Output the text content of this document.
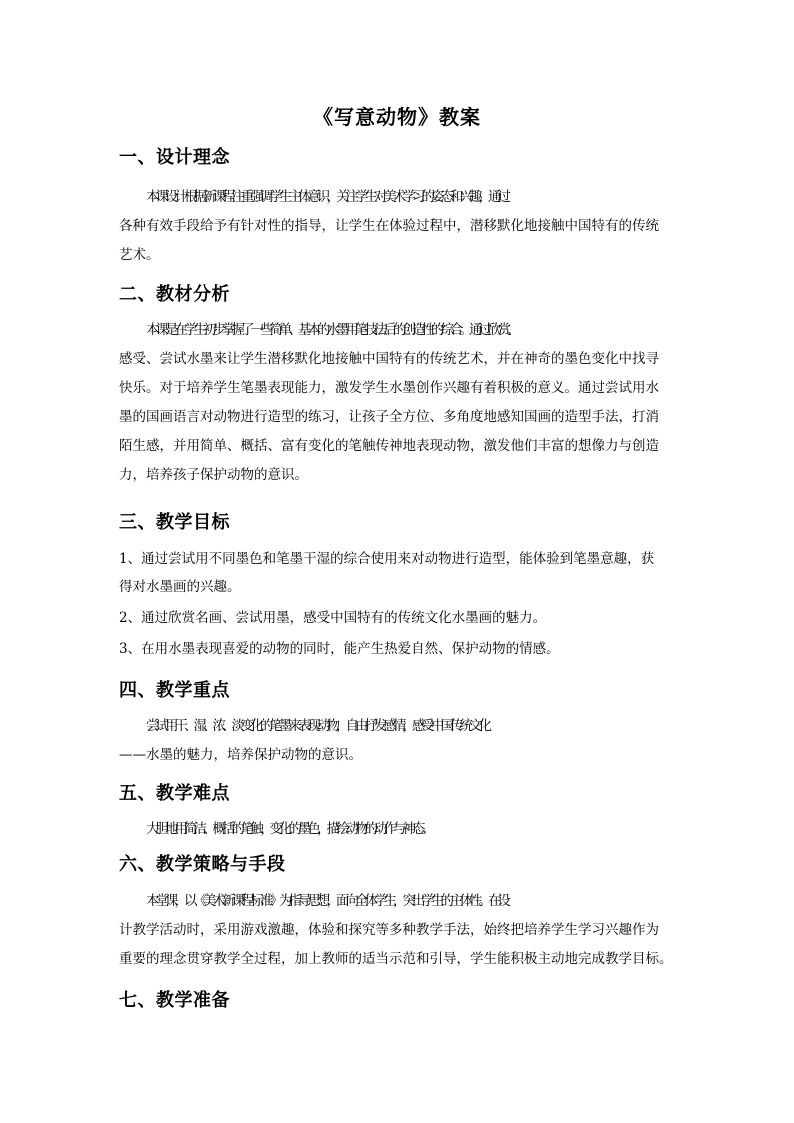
《写意动物》教案
一、设计理念
本课设计根据新课程注重强调学生主体意识，关注学生对美术学习的姿态和兴趣，通过
各种有效手段给予有针对性的指导，让学生在体验过程中，潜移默化地接触中国特有的传统
艺术。
二、教材分析
本课是在学生初步掌握了一些简单、基本的水墨用笔技法后的创造性的综合。通过欣赏、
感受、尝试水墨来让学生潜移默化地接触中国特有的传统艺术，并在神奇的墨色变化中找寻
快乐。对于培养学生笔墨表现能力，激发学生水墨创作兴趣有着积极的意义。通过尝试用水
墨的国画语言对动物进行造型的练习，让孩子全方位、多角度地感知国画的造型手法，打消
陌生感，并用简单、概括、富有变化的笔触传神地表现动物，激发他们丰富的想像力与创造
力，培养孩子保护动物的意识。
三、教学目标
1、通过尝试用不同墨色和笔墨干湿的综合使用来对动物进行造型，能体验到笔墨意趣，获
得对水墨画的兴趣。
2、通过欣赏名画、尝试用墨，感受中国特有的传统文化水墨画的魅力。
3、在用水墨表现喜爱的动物的同时，能产生热爱自然、保护动物的情感。
四、教学重点
尝试用干、湿、浓、淡变化的笔墨来表现动物，自由抒发感情，感受中国传统文化
——水墨的魅力，培养保护动物的意识。
五、教学难点
大胆地用简洁、概括的笔触，变化的墨色，描绘动物的动作与神态。
六、教学策略与手段
本堂课，以《美术新课程标准》为指导思想，面向全体学生，突出学生的主体性。在设
计教学活动时，采用游戏激趣，体验和探究等多种教学手法，始终把培养学生学习兴趣作为
重要的理念贯穿教学全过程，加上教师的适当示范和引导，学生能积极主动地完成教学目标。
七、教学准备
